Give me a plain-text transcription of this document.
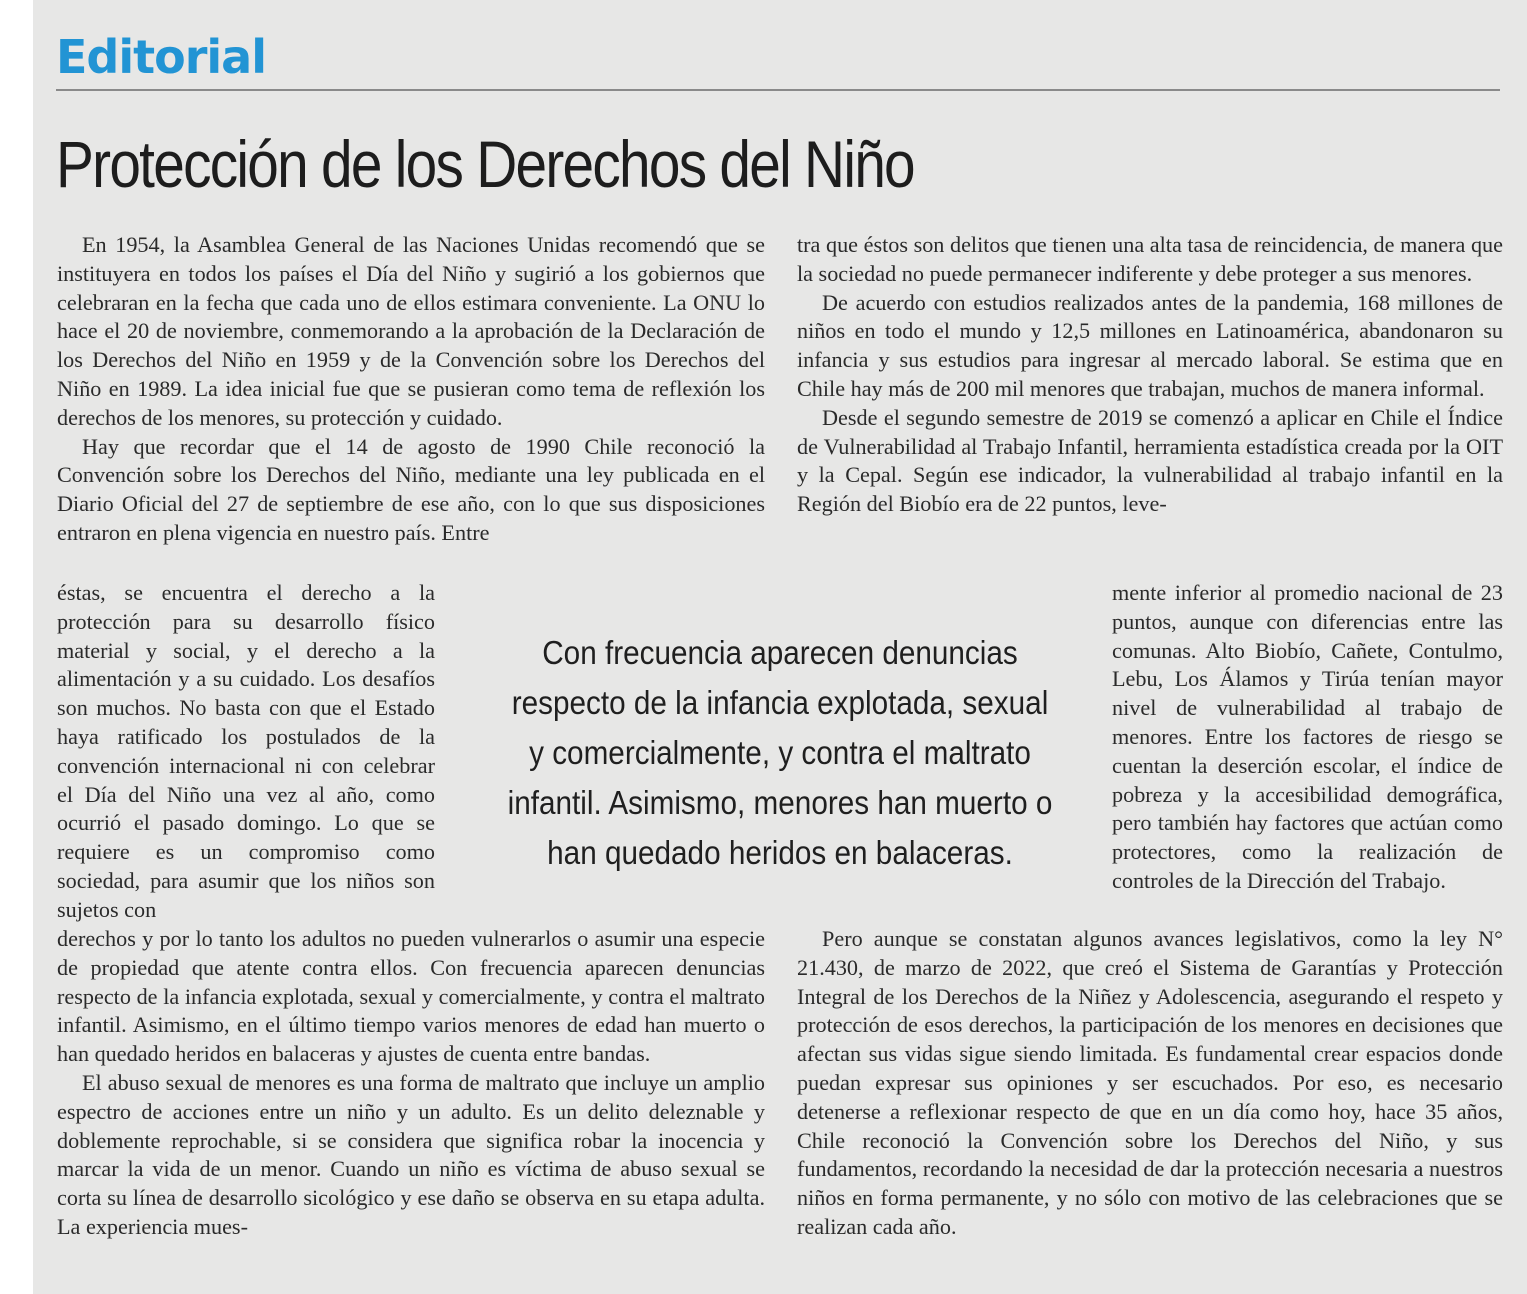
Editorial
Protección de los Derechos del Niño

En 1954, la Asamblea General de las Naciones Unidas recomendó que se instituyera en todos los países el Día del Niño y sugirió a los gobiernos que celebraran en la fecha que cada uno de ellos estimara conveniente. La ONU lo hace el 20 de noviembre, conmemorando a la aprobación de la Declaración de los Derechos del Niño en 1959 y de la Convención sobre los Derechos del Niño en 1989. La idea inicial fue que se pusieran como tema de reflexión los derechos de los menores, su protección y cuidado.

Hay que recordar que el 14 de agosto de 1990 Chile reconoció la Convención sobre los Derechos del Niño, mediante una ley publicada en el Diario Oficial del 27 de septiembre de ese año, con lo que sus disposiciones entraron en plena vigencia en nuestro país. Entre

éstas, se encuentra el derecho a la protección para su desarrollo físico material y social, y el derecho a la alimentación y a su cuidado. Los desafíos son muchos. No basta con que el Estado haya ratificado los postulados de la convención internacional ni con celebrar el Día del Niño una vez al año, como ocurrió el pasado domingo. Lo que se requiere es un compromiso como sociedad, para asumir que los niños son sujetos con

derechos y por lo tanto los adultos no pueden vulnerarlos o asumir una especie de propiedad que atente contra ellos. Con frecuencia aparecen denuncias respecto de la infancia explotada, sexual y comercialmente, y contra el maltrato infantil. Asimismo, en el último tiempo varios menores de edad han muerto o han quedado heridos en balaceras y ajustes de cuenta entre bandas.

El abuso sexual de menores es una forma de maltrato que incluye un amplio espectro de acciones entre un niño y un adulto. Es un delito deleznable y doblemente reprochable, si se considera que significa robar la inocencia y marcar la vida de un menor. Cuando un niño es víctima de abuso sexual se corta su línea de desarrollo sicológico y ese daño se observa en su etapa adulta. La experiencia mues-

tra que éstos son delitos que tienen una alta tasa de reincidencia, de manera que la sociedad no puede permanecer indiferente y debe proteger a sus menores.

De acuerdo con estudios realizados antes de la pandemia, 168 millones de niños en todo el mundo y 12,5 millones en Latinoamérica, abandonaron su infancia y sus estudios para ingresar al mercado laboral. Se estima que en Chile hay más de 200 mil menores que trabajan, muchos de manera informal.

Desde el segundo semestre de 2019 se comenzó a aplicar en Chile el Índice de Vulnerabilidad al Trabajo Infantil, herramienta estadística creada por la OIT y la Cepal. Según ese indicador, la vulnerabilidad al trabajo infantil en la Región del Biobío era de 22 puntos, leve-

mente inferior al promedio nacional de 23 puntos, aunque con diferencias entre las comunas. Alto Biobío, Cañete, Contulmo, Lebu, Los Álamos y Tirúa tenían mayor nivel de vulnerabilidad al trabajo de menores. Entre los factores de riesgo se cuentan la deserción escolar, el índice de pobreza y la accesibilidad demográfica, pero también hay factores que actúan como protectores, como la realización de controles de la Dirección del Trabajo.

Pero aunque se constatan algunos avances legislativos, como la ley N° 21.430, de marzo de 2022, que creó el Sistema de Garantías y Protección Integral de los Derechos de la Niñez y Adolescencia, asegurando el respeto y protección de esos derechos, la participación de los menores en decisiones que afectan sus vidas sigue siendo limitada. Es fundamental crear espacios donde puedan expresar sus opiniones y ser escuchados. Por eso, es necesario detenerse a reflexionar respecto de que en un día como hoy, hace 35 años, Chile reconoció la Convención sobre los Derechos del Niño, y sus fundamentos, recordando la necesidad de dar la protección necesaria a nuestros niños en forma permanente, y no sólo con motivo de las celebraciones que se realizan cada año.

Con frecuencia aparecen denuncias respecto de la infancia explotada, sexual y comercialmente, y contra el maltrato infantil. Asimismo, menores han muerto o han quedado heridos en balaceras.
